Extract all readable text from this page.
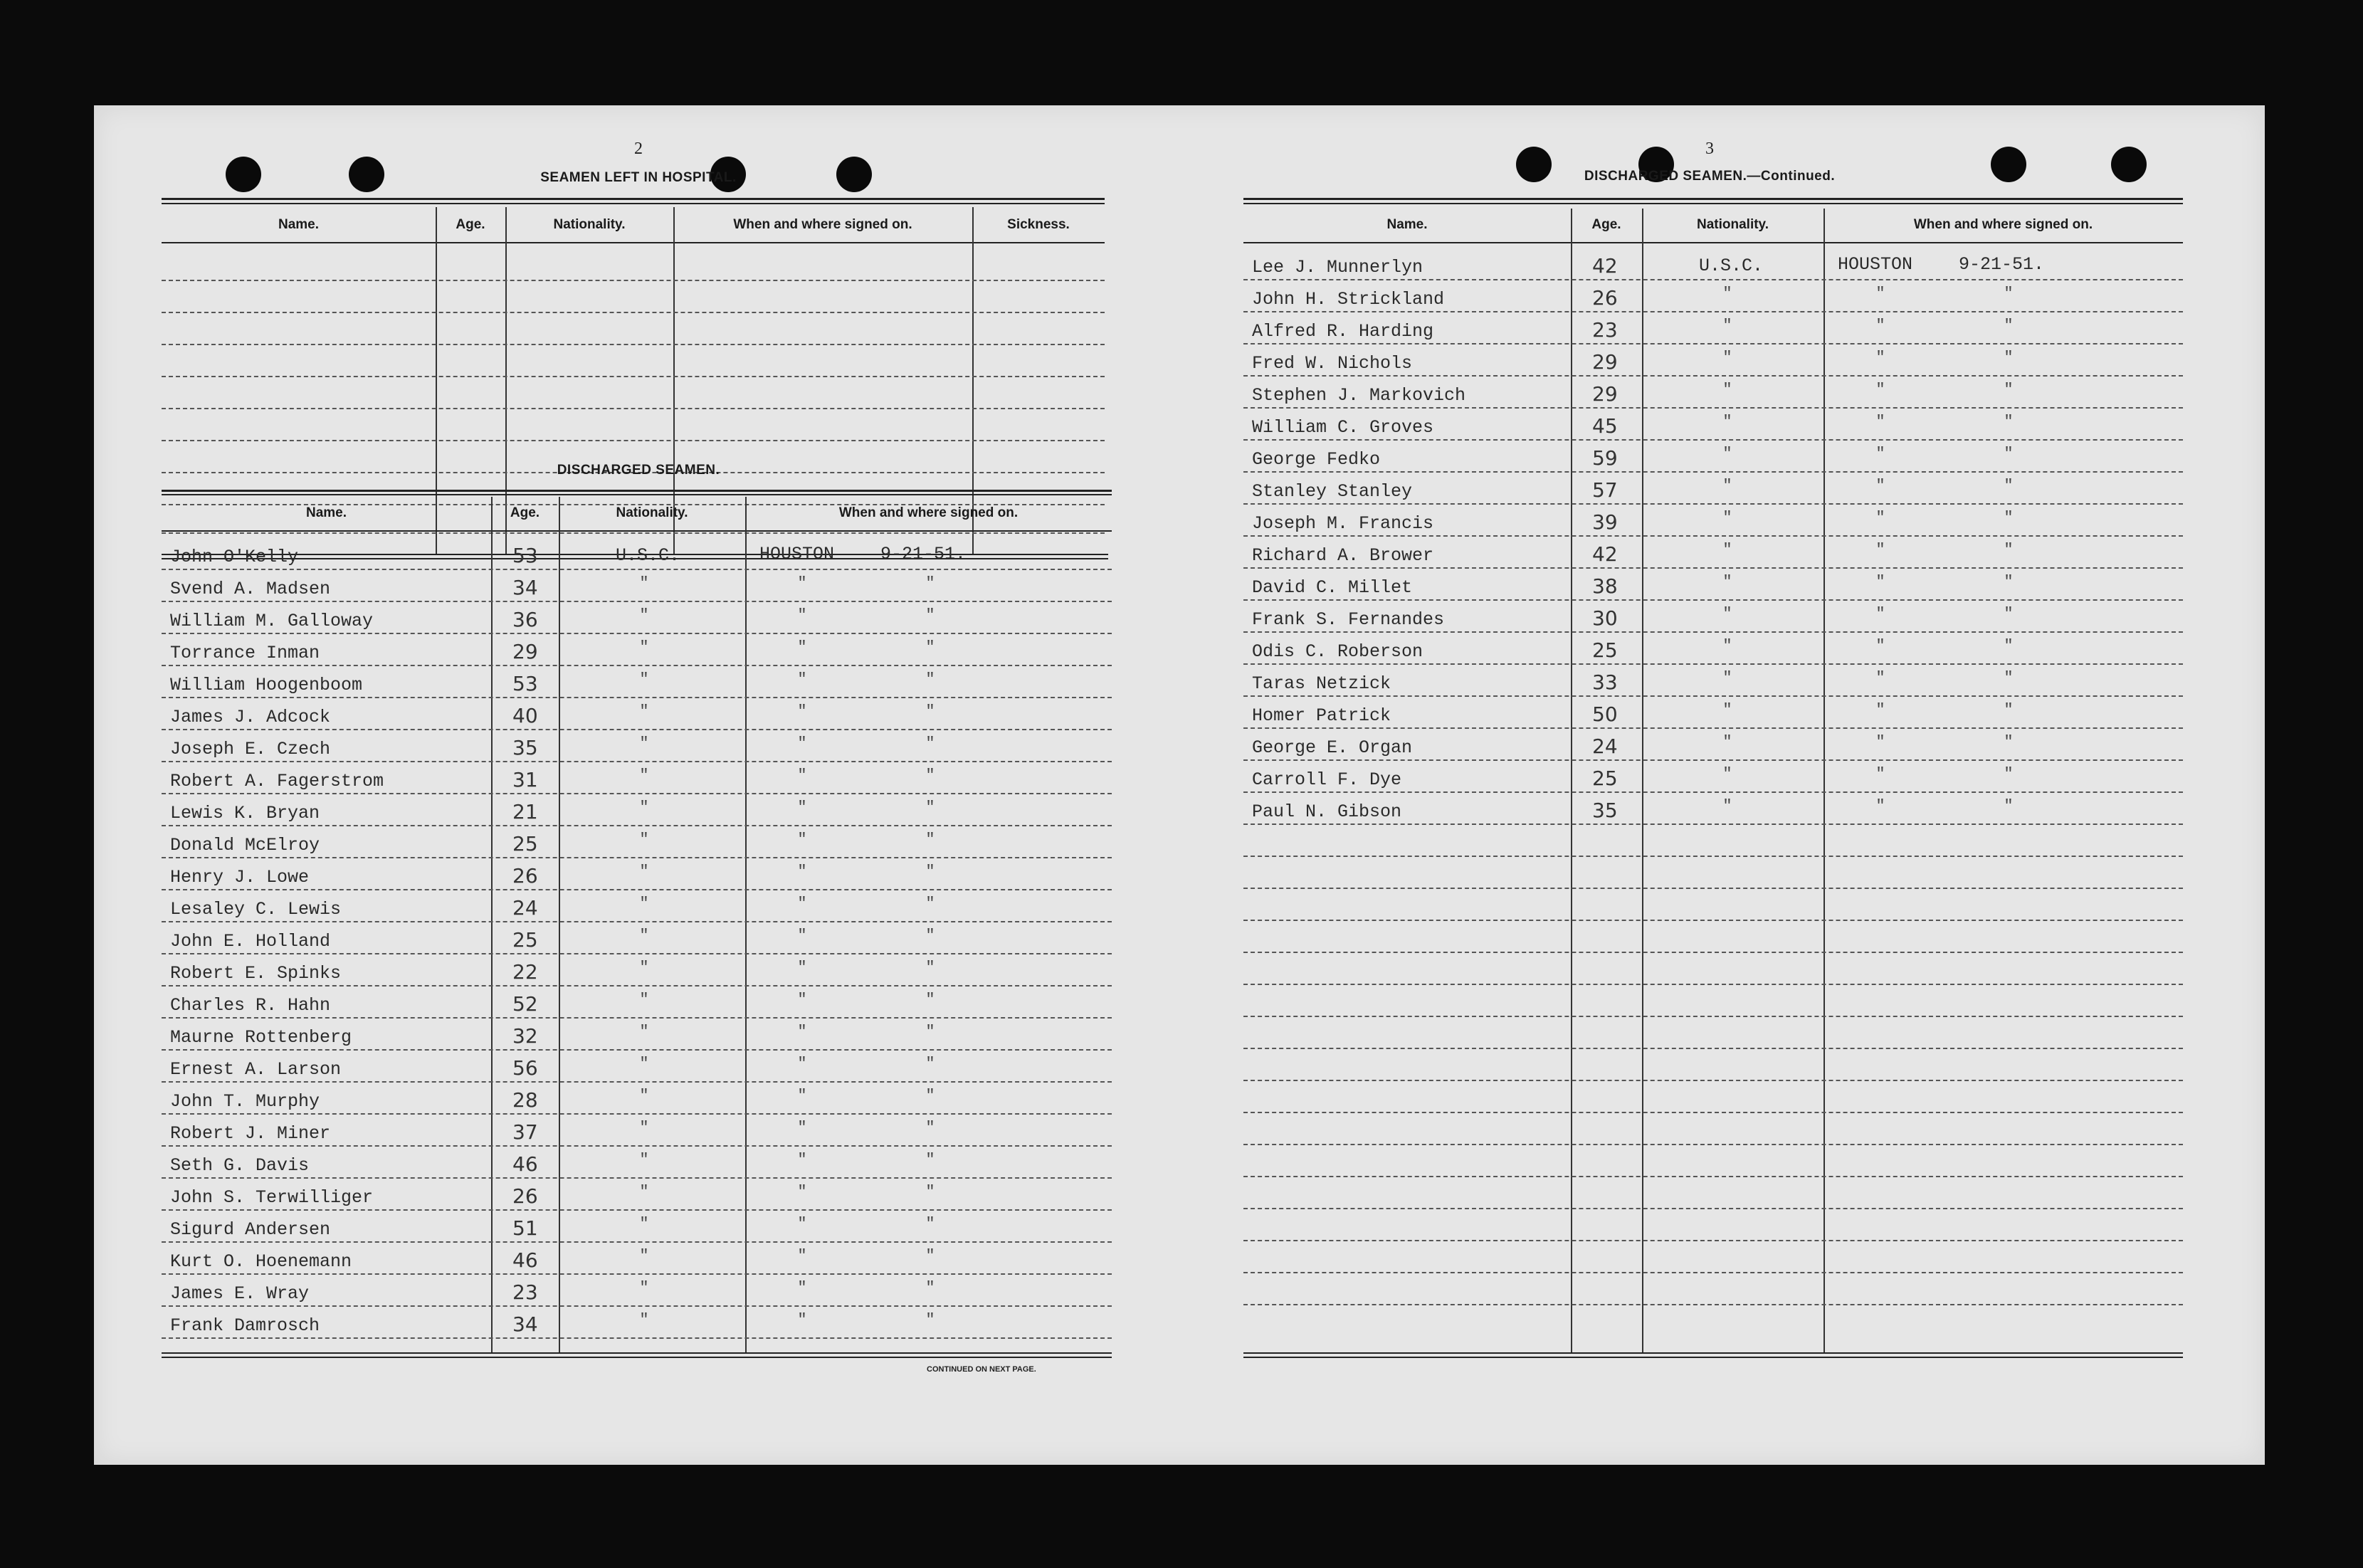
2
SEAMEN LEFT IN HOSPITAL.
Name.	Age.	Nationality.	When and where signed on.	Sickness.
DISCHARGED SEAMEN.
Name.	Age.	Nationality.	When and where signed on.
John O'Kelly	53	U.S.C.	HOUSTON	9-21-51.
Svend A. Madsen	34	"	"	"
William M. Galloway	36	"	"	"
Torrance Inman	29	"	"	"
William Hoogenboom	53	"	"	"
James J. Adcock	40	"	"	"
Joseph E. Czech	35	"	"	"
Robert A. Fagerstrom	31	"	"	"
Lewis K. Bryan	21	"	"	"
Donald McElroy	25	"	"	"
Henry J. Lowe	26	"	"	"
Lesaley C. Lewis	24	"	"	"
John E. Holland	25	"	"	"
Robert E. Spinks	22	"	"	"
Charles R. Hahn	52	"	"	"
Maurne Rottenberg	32	"	"	"
Ernest A. Larson	56	"	"	"
John T. Murphy	28	"	"	"
Robert J. Miner	37	"	"	"
Seth G. Davis	46	"	"	"
John S. Terwilliger	26	"	"	"
Sigurd Andersen	51	"	"	"
Kurt O. Hoenemann	46	"	"	"
James E. Wray	23	"	"	"
Frank Damrosch	34	"	"	"
CONTINUED ON NEXT PAGE.
3
DISCHARGED SEAMEN.—Continued.
Name.	Age.	Nationality.	When and where signed on.
Lee J. Munnerlyn	42	U.S.C.	HOUSTON	9-21-51.
John H. Strickland	26	"	"	"
Alfred R. Harding	23	"	"	"
Fred W. Nichols	29	"	"	"
Stephen J. Markovich	29	"	"	"
William C. Groves	45	"	"	"
George Fedko	59	"	"	"
Stanley Stanley	57	"	"	"
Joseph M. Francis	39	"	"	"
Richard A. Brower	42	"	"	"
David C. Millet	38	"	"	"
Frank S. Fernandes	30	"	"	"
Odis C. Roberson	25	"	"	"
Taras Netzick	33	"	"	"
Homer Patrick	50	"	"	"
George E. Organ	24	"	"	"
Carroll F. Dye	25	"	"	"
Paul N. Gibson	35	"	"	"
